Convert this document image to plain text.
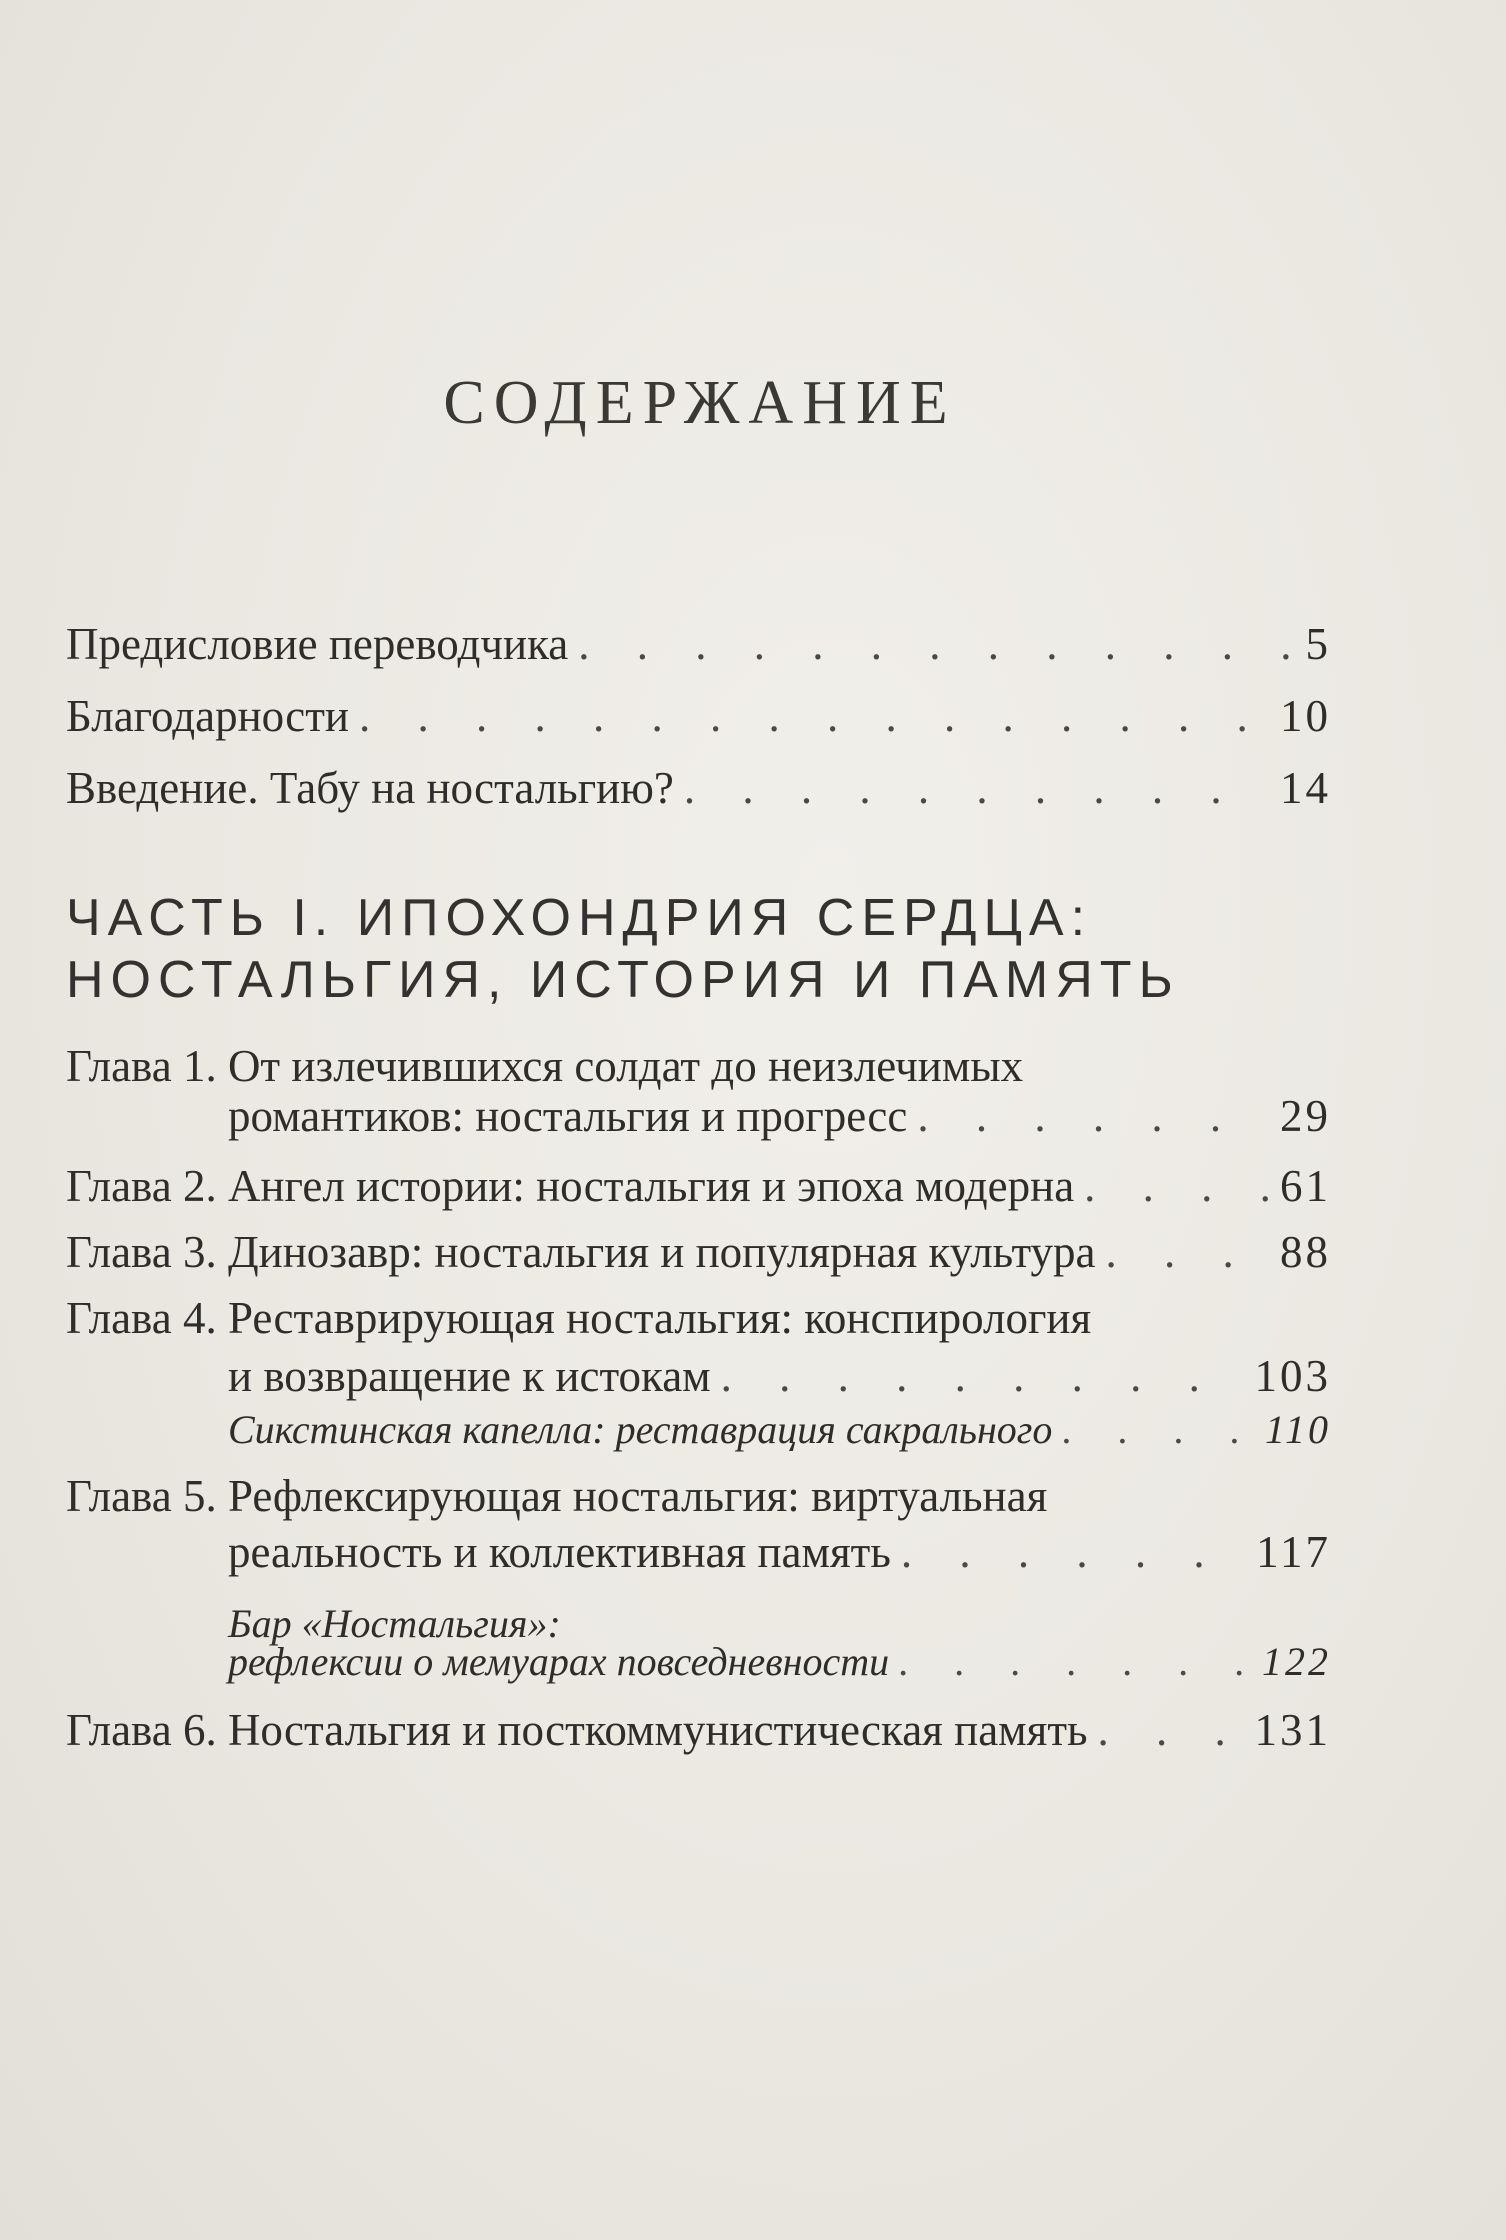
СОДЕРЖАНИЕ
Предисловие переводчика . . .	5
Благодарности . . .	10
Введение. Табу на ностальгию? . . .	14
ЧАСТЬ I. ИПОХОНДРИЯ СЕРДЦА:
НОСТАЛЬГИЯ, ИСТОРИЯ И ПАМЯТЬ
Глава 1. От излечившихся солдат до неизлечимых
романтиков: ностальгия и прогресс . . .	29
Глава 2. Ангел истории: ностальгия и эпоха модерна . . .	61
Глава 3. Динозавр: ностальгия и популярная культура . . .	88
Глава 4. Реставрирующая ностальгия: конспирология
и возвращение к истокам . . .	103
Сикстинская капелла: реставрация сакрального . . .	110
Глава 5. Рефлексирующая ностальгия: виртуальная
реальность и коллективная память . . .	117
Бар «Ностальгия»:
рефлексии о мемуарах повседневности . . .	122
Глава 6. Ностальгия и посткоммунистическая память . . .	131
